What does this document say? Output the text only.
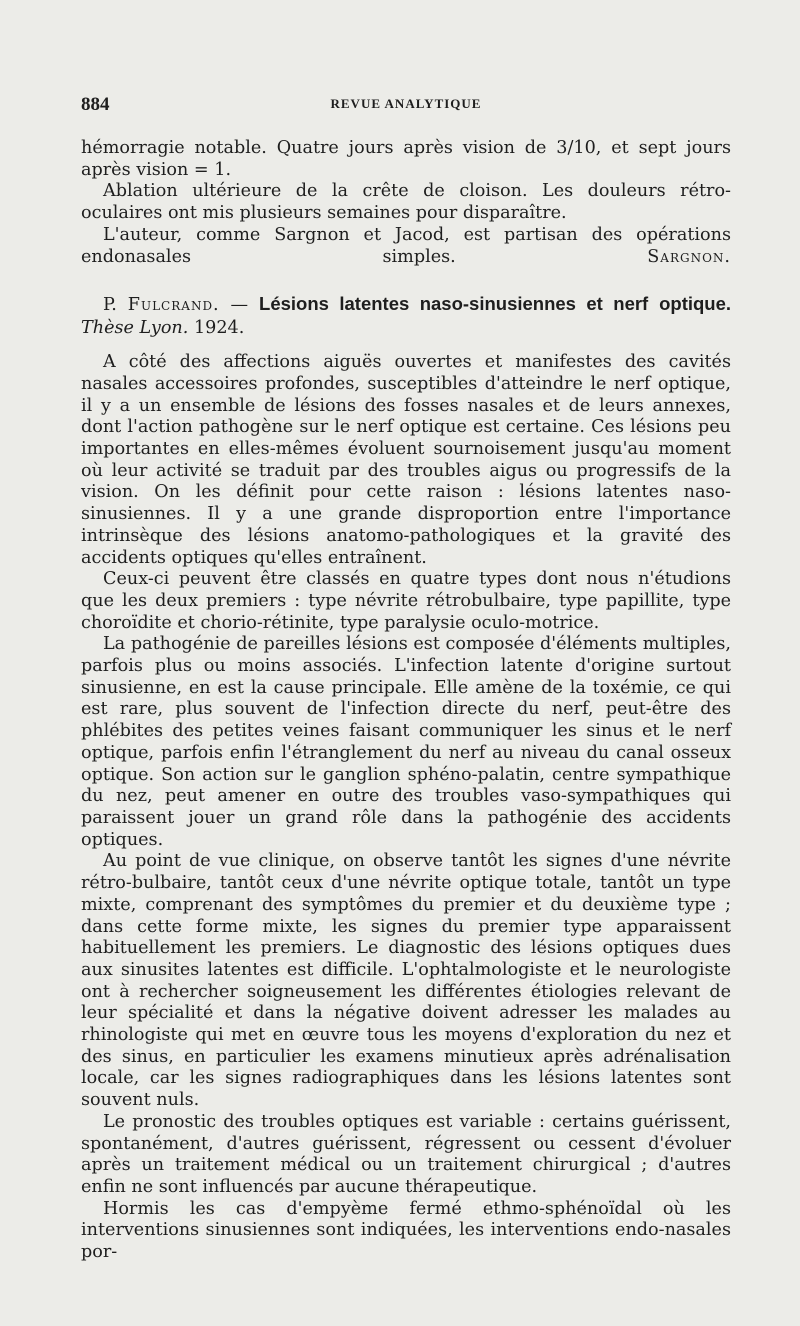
884	REVUE ANALYTIQUE

hémorragie notable. Quatre jours après vision de 3/10, et sept jours après vision = 1.

Ablation ultérieure de la crête de cloison. Les douleurs rétro-oculaires ont mis plusieurs semaines pour disparaître.

L'auteur, comme Sargnon et Jacod, est partisan des opérations endonasales simples.	Sargnon.

P. Fulcrand. — Lésions latentes naso-sinusiennes et nerf optique. Thèse Lyon. 1924.

A côté des affections aiguës ouvertes et manifestes des cavités nasales accessoires profondes, susceptibles d'atteindre le nerf optique, il y a un ensemble de lésions des fosses nasales et de leurs annexes, dont l'action pathogène sur le nerf optique est certaine. Ces lésions peu importantes en elles-mêmes évoluent sournoisement jusqu'au moment où leur activité se traduit par des troubles aigus ou progressifs de la vision. On les définit pour cette raison : lésions latentes naso-sinusiennes. Il y a une grande disproportion entre l'importance intrinsèque des lésions anatomo-pathologiques et la gravité des accidents optiques qu'elles entraînent.

Ceux-ci peuvent être classés en quatre types dont nous n'étudions que les deux premiers : type névrite rétrobulbaire, type papillite, type choroïdite et chorio-rétinite, type paralysie oculo-motrice.

La pathogénie de pareilles lésions est composée d'éléments multiples, parfois plus ou moins associés. L'infection latente d'origine surtout sinusienne, en est la cause principale. Elle amène de la toxémie, ce qui est rare, plus souvent de l'infection directe du nerf, peut-être des phlébites des petites veines faisant communiquer les sinus et le nerf optique, parfois enfin l'étranglement du nerf au niveau du canal osseux optique. Son action sur le ganglion sphéno-palatin, centre sympathique du nez, peut amener en outre des troubles vaso-sympathiques qui paraissent jouer un grand rôle dans la pathogénie des accidents optiques.

Au point de vue clinique, on observe tantôt les signes d'une névrite rétro-bulbaire, tantôt ceux d'une névrite optique totale, tantôt un type mixte, comprenant des symptômes du premier et du deuxième type ; dans cette forme mixte, les signes du premier type apparaissent habituellement les premiers. Le diagnostic des lésions optiques dues aux sinusites latentes est difficile. L'ophtalmologiste et le neurologiste ont à rechercher soigneusement les différentes étiologies relevant de leur spécialité et dans la négative doivent adresser les malades au rhinologiste qui met en œuvre tous les moyens d'exploration du nez et des sinus, en particulier les examens minutieux après adrénalisation locale, car les signes radiographiques dans les lésions latentes sont souvent nuls.

Le pronostic des troubles optiques est variable : certains guérissent, spontanément, d'autres guérissent, régressent ou cessent d'évoluer après un traitement médical ou un traitement chirurgical ; d'autres enfin ne sont influencés par aucune thérapeutique.

Hormis les cas d'empyème fermé ethmo-sphénoïdal où les interventions sinusiennes sont indiquées, les interventions endo-nasales por-
